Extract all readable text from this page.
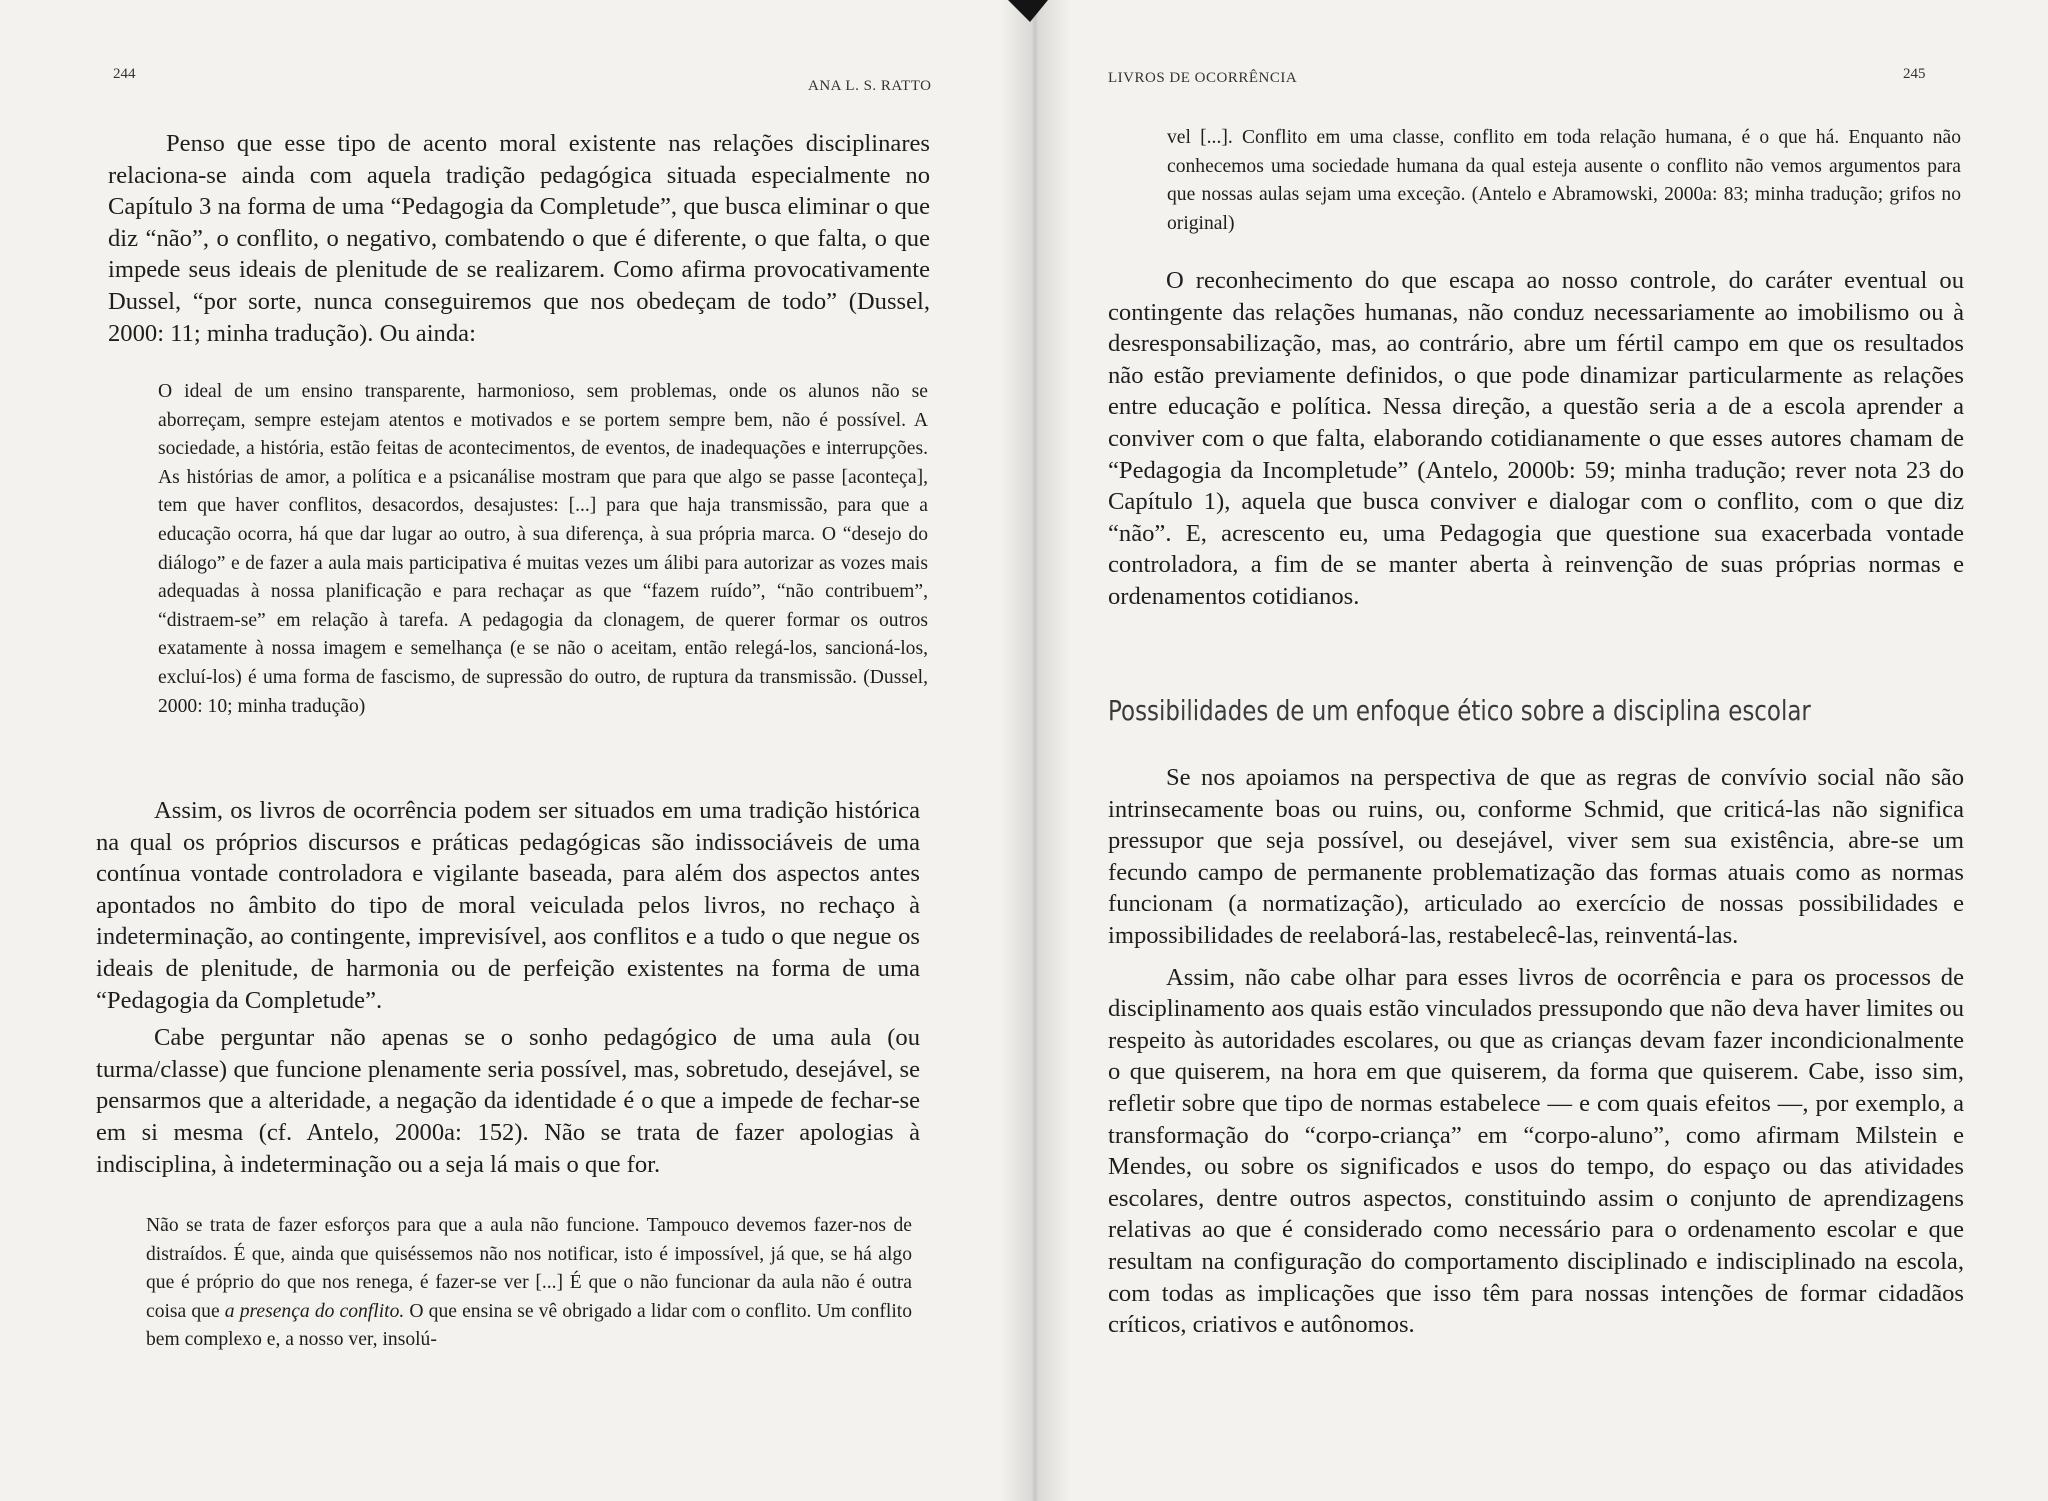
244
ANA L. S. RATTO

Penso que esse tipo de acento moral existente nas relações disciplinares relaciona-se ainda com aquela tradição pedagógica situada especialmente no Capítulo 3 na forma de uma “Pedagogia da Completude”, que busca eliminar o que diz “não”, o conflito, o negativo, combatendo o que é diferente, o que falta, o que impede seus ideais de plenitude de se realizarem. Como afirma provocativamente Dussel, “por sorte, nunca conseguiremos que nos obedeçam de todo” (Dussel, 2000: 11; minha tradução). Ou ainda:

O ideal de um ensino transparente, harmonioso, sem problemas, onde os alunos não se aborreçam, sempre estejam atentos e motivados e se portem sempre bem, não é possível. A sociedade, a história, estão feitas de acontecimentos, de eventos, de inadequações e interrupções. As histórias de amor, a política e a psicanálise mostram que para que algo se passe [aconteça], tem que haver conflitos, desacordos, desajustes: [...] para que haja transmissão, para que a educação ocorra, há que dar lugar ao outro, à sua diferença, à sua própria marca. O “desejo do diálogo” e de fazer a aula mais participativa é muitas vezes um álibi para autorizar as vozes mais adequadas à nossa planificação e para rechaçar as que “fazem ruído”, “não contribuem”, “distraem-se” em relação à tarefa. A pedagogia da clonagem, de querer formar os outros exatamente à nossa imagem e semelhança (e se não o aceitam, então relegá-los, sancioná-los, excluí-los) é uma forma de fascismo, de supressão do outro, de ruptura da transmissão. (Dussel, 2000: 10; minha tradução)

Assim, os livros de ocorrência podem ser situados em uma tradição histórica na qual os próprios discursos e práticas pedagógicas são indissociáveis de uma contínua vontade controladora e vigilante baseada, para além dos aspectos antes apontados no âmbito do tipo de moral veiculada pelos livros, no rechaço à indeterminação, ao contingente, imprevisível, aos conflitos e a tudo o que negue os ideais de plenitude, de harmonia ou de perfeição existentes na forma de uma “Pedagogia da Completude”.

Cabe perguntar não apenas se o sonho pedagógico de uma aula (ou turma/classe) que funcione plenamente seria possível, mas, sobretudo, desejável, se pensarmos que a alteridade, a negação da identidade é o que a impede de fechar-se em si mesma (cf. Antelo, 2000a: 152). Não se trata de fazer apologias à indisciplina, à indeterminação ou a seja lá mais o que for.

Não se trata de fazer esforços para que a aula não funcione. Tampouco devemos fazer-nos de distraídos. É que, ainda que quiséssemos não nos notificar, isto é impossível, já que, se há algo que é próprio do que nos renega, é fazer-se ver [...] É que o não funcionar da aula não é outra coisa que a presença do conflito. O que ensina se vê obrigado a lidar com o conflito. Um conflito bem complexo e, a nosso ver, insolú-

LIVROS DE OCORRÊNCIA	245

vel [...]. Conflito em uma classe, conflito em toda relação humana, é o que há. Enquanto não conhecemos uma sociedade humana da qual esteja ausente o conflito não vemos argumentos para que nossas aulas sejam uma exceção. (Antelo e Abramowski, 2000a: 83; minha tradução; grifos no original)

O reconhecimento do que escapa ao nosso controle, do caráter eventual ou contingente das relações humanas, não conduz necessariamente ao imobilismo ou à desresponsabilização, mas, ao contrário, abre um fértil campo em que os resultados não estão previamente definidos, o que pode dinamizar particularmente as relações entre educação e política. Nessa direção, a questão seria a de a escola aprender a conviver com o que falta, elaborando cotidianamente o que esses autores chamam de “Pedagogia da Incompletude” (Antelo, 2000b: 59; minha tradução; rever nota 23 do Capítulo 1), aquela que busca conviver e dialogar com o conflito, com o que diz “não”. E, acrescento eu, uma Pedagogia que questione sua exacerbada vontade controladora, a fim de se manter aberta à reinvenção de suas próprias normas e ordenamentos cotidianos.

Possibilidades de um enfoque ético sobre a disciplina escolar

Se nos apoiamos na perspectiva de que as regras de convívio social não são intrinsecamente boas ou ruins, ou, conforme Schmid, que criticá-las não significa pressupor que seja possível, ou desejável, viver sem sua existência, abre-se um fecundo campo de permanente problematização das formas atuais como as normas funcionam (a normatização), articulado ao exercício de nossas possibilidades e impossibilidades de reelaborá-las, restabelecê-las, reinventá-las.

Assim, não cabe olhar para esses livros de ocorrência e para os processos de disciplinamento aos quais estão vinculados pressupondo que não deva haver limites ou respeito às autoridades escolares, ou que as crianças devam fazer incondicionalmente o que quiserem, na hora em que quiserem, da forma que quiserem. Cabe, isso sim, refletir sobre que tipo de normas estabelece — e com quais efeitos —, por exemplo, a transformação do “corpo-criança” em “corpo-aluno”, como afirmam Milstein e Mendes, ou sobre os significados e usos do tempo, do espaço ou das atividades escolares, dentre outros aspectos, constituindo assim o conjunto de aprendizagens relativas ao que é considerado como necessário para o ordenamento escolar e que resultam na configuração do comportamento disciplinado e indisciplinado na escola, com todas as implicações que isso têm para nossas intenções de formar cidadãos críticos, criativos e autônomos.
